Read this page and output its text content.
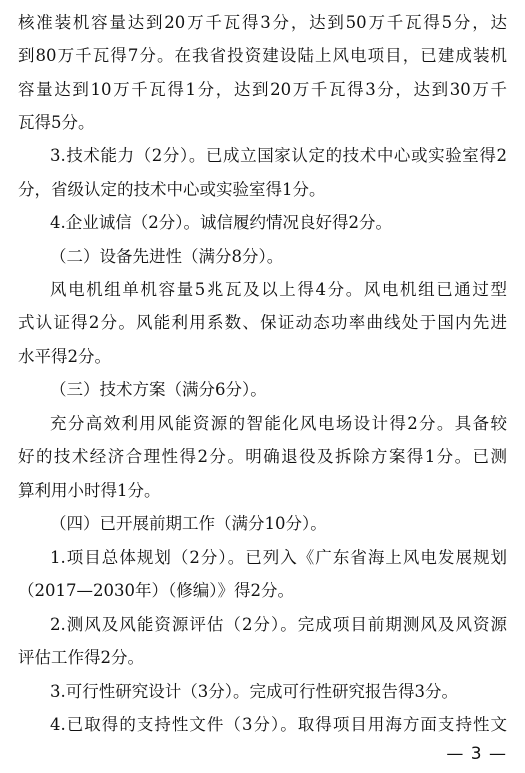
核准装机容量达到20万千瓦得3分，达到50万千瓦得5分，达
到80万千瓦得7分。在我省投资建设陆上风电项目，已建成装机
容量达到10万千瓦得1分，达到20万千瓦得3分，达到30万千
瓦得5分。
3.技术能力（2分）。已成立国家认定的技术中心或实验室得2
分，省级认定的技术中心或实验室得1分。
4.企业诚信（2分）。诚信履约情况良好得2分。
（二）设备先进性（满分8分）。
风电机组单机容量5兆瓦及以上得4分。风电机组已通过型
式认证得2分。风能利用系数、保证动态功率曲线处于国内先进
水平得2分。
（三）技术方案（满分6分）。
充分高效利用风能资源的智能化风电场设计得2分。具备较
好的技术经济合理性得2分。明确退役及拆除方案得1分。已测
算利用小时得1分。
（四）已开展前期工作（满分10分）。
1.项目总体规划（2分）。已列入《广东省海上风电发展规划
（2017—2030年）（修编）》得2分。
2.测风及风能资源评估（2分）。完成项目前期测风及风资源
评估工作得2分。
3.可行性研究设计（3分）。完成可行性研究报告得3分。
4.已取得的支持性文件（3分）。取得项目用海方面支持性文
— 3 —
